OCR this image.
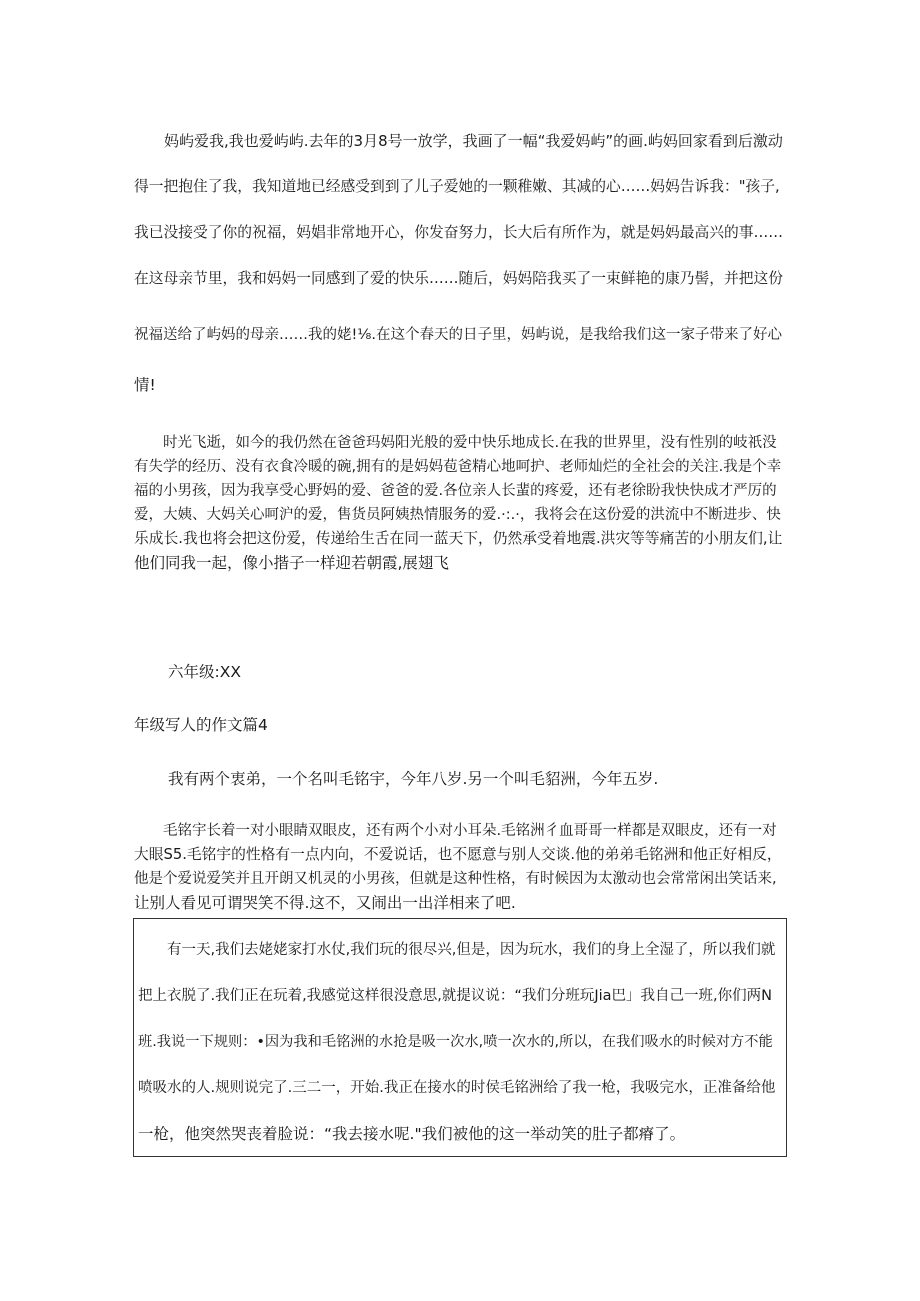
　　妈屿爱我,我也爱屿屿.去年的3月8号一放学，我画了一幅“我爱妈屿”的画.屿妈回家看到后激动
得一把抱住了我，我知道地已经感受到到了儿子爱她的一颗稚嫩、其减的心……妈妈告诉我："孩子,
我已没接受了你的祝福，妈娼非常地开心，你发奋努力，长大后有所作为，就是妈妈最高兴的事……
在这母亲节里，我和妈妈一同感到了爱的快乐……随后，妈妈陪我买了一束鲜艳的康乃髻，并把这份
祝福送给了屿妈的母亲……我的姥!⅛.在这个春天的日子里，妈屿说，是我给我们这一家子带来了好心
情!
　　时光飞逝，如今的我仍然在爸爸玛妈阳光般的爱中快乐地成长.在我的世界里，没有性别的岐祇没
有失学的经历、没有衣食冷暖的碗,拥有的是妈妈苞爸精心地呵护、老师灿烂的全社会的关注.我是个幸
福的小男孩，因为我享受心野妈的爱、爸爸的爱.各位亲人长蜚的疼爱，还有老徐盼我快快成才严厉的
爱，大姨、大妈关心呵沪的爱，售货员阿姨热情服务的爱.·:.·，我将会在这份爱的洪流中不断进步、快
乐成长.我也将会把这份爱，传递给生舌在同一蓝天下，仍然承受着地震.洪灾等等痛苦的小朋友们,让
他们同我一起，像小揩子一样迎若朝霞,展翅飞
六年级:XX
年级写人的作文篇4
我有两个衷弟，一个名叫毛铭宇，今年八岁.另一个叫毛貂洲，今年五岁.
　　毛铭宇长着一对小眼睛双眼皮，还有两个小对小耳朵.毛铭洲彳血哥哥一样都是双眼皮，还有一对
大眼S5.毛铭宇的性格有一点内向，不爱说话，也不愿意与别人交谈.他的弟弟毛铭洲和他正好相反，
他是个爱说爱笑并且开朗又机灵的小男孩，但就是这种性格，有时候因为太激动也会常常闲出笑话来,
让别人看见可谓哭笑不得.这不，又闹出一出洋相来了吧.
　　有一天,我们去姥姥家打水仗,我们玩的很尽兴,但是，因为玩水，我们的身上全湿了，所以我们就
把上衣脱了.我们正在玩着,我感觉这样很没意思,就提议说：“我们分班玩Jia巴」我自己一班,你们两N
班.我说一下规则：•因为我和毛铭洲的水抢是吸一次水,喷一次水的,所以，在我们吸水的时候对方不能
喷吸水的人.规则说完了.三二一，开始.我正在接水的时侯毛铭洲给了我一枪，我吸完水，正准备给他
一枪，他突然哭丧着脸说：“我去接水呢."我们被他的这一举动笑的肚子都瘠了。
